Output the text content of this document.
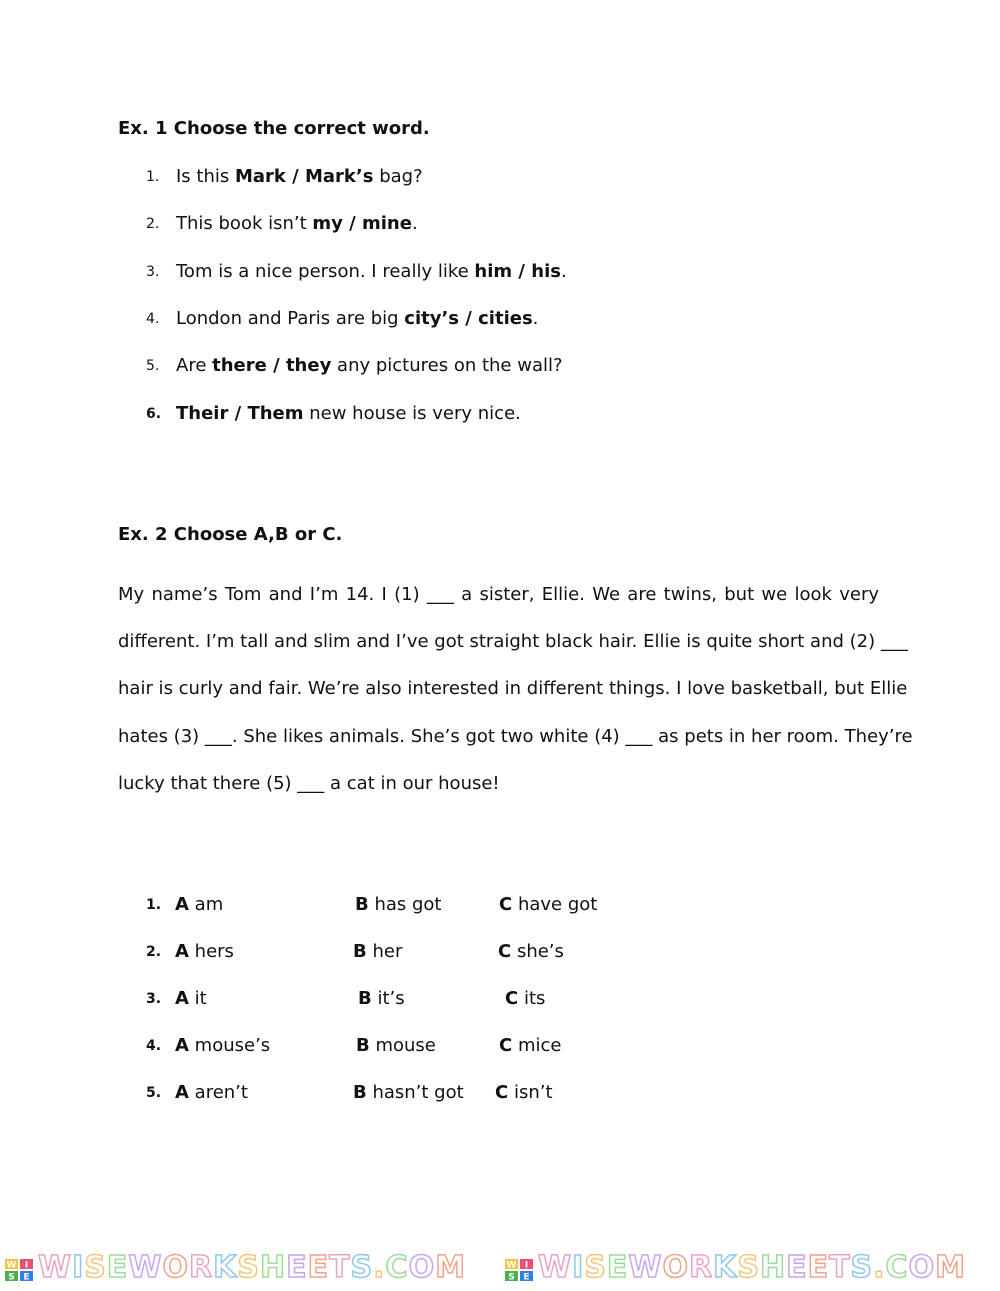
Ex. 1 Choose the correct word.
1. Is this Mark / Mark’s bag?
2. This book isn’t my / mine.
3. Tom is a nice person. I really like him / his.
4. London and Paris are big city’s / cities.
5. Are there / they any pictures on the wall?
6. Their / Them new house is very nice.
Ex. 2 Choose A,B or C.
My name’s Tom and I’m 14. I (1) ___ a sister, Ellie. We are twins, but we look very
different. I’m tall and slim and I’ve got straight black hair. Ellie is quite short and (2) ___
hair is curly and fair. We’re also interested in different things. I love basketball, but Ellie
hates (3) ___. She likes animals. She’s got two white (4) ___ as pets in her room. They’re
lucky that there (5) ___ a cat in our house!
1. A am	B has got	C have got
2. A hers	B her	C she’s
3. A it	B it’s	C its
4. A mouse’s	B mouse	C mice
5. A aren’t	B hasn’t got C isn’t
W I
S E WISEWORKSHEETS.COM	W I
S E WISEWORKSHEETS.COM
